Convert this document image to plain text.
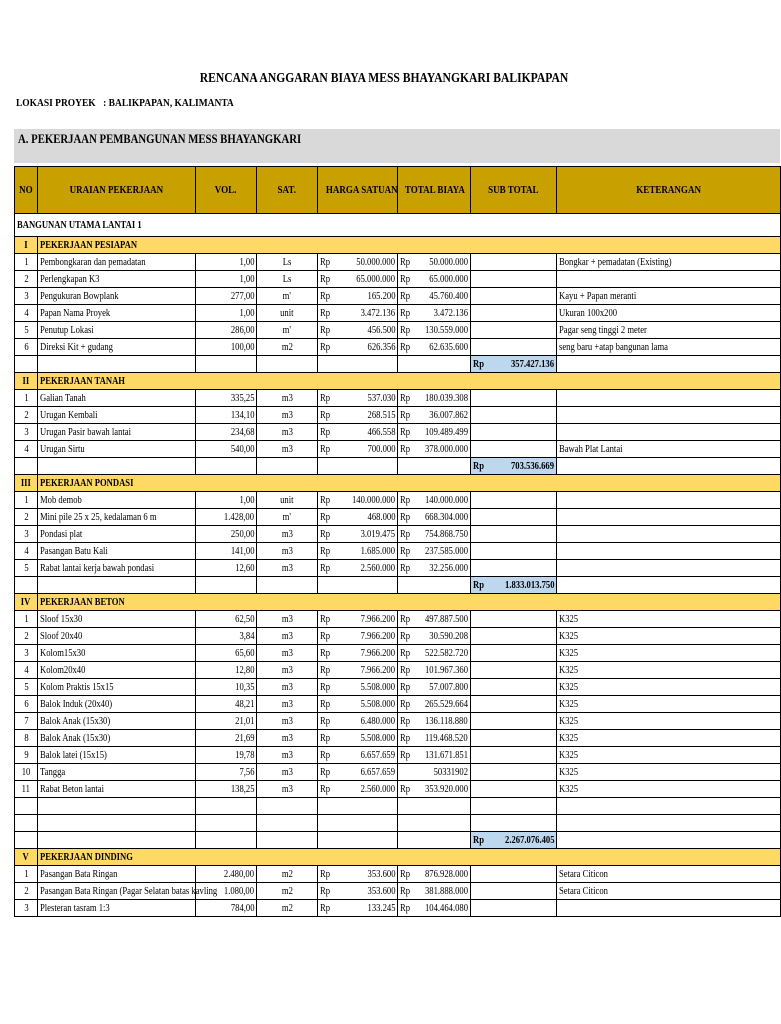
RENCANA ANGGARAN BIAYA MESS BHAYANGKARI BALIKPAPAN
LOKASI PROYEK : BALIKPAPAN, KALIMANTA
A. PEKERJAAN PEMBANGUNAN MESS BHAYANGKARI
NO	URAIAN PEKERJAAN	VOL.	SAT.	HARGA SATUAN	TOTAL BIAYA	SUB TOTAL	KETERANGAN
BANGUNAN UTAMA LANTAI 1							
I	PEKERJAAN PESIAPAN						
1	Pembongkaran dan pemadatan	1,00	Ls	Rp 50.000.000	Rp 50.000.000		Bongkar + pemadatan (Existing)
2	Perlengkapan K3	1,00	Ls	Rp 65.000.000	Rp 65.000.000		

3	Pengukuran Bowplank	277,00	m'	Rp 165.200	Rp 45.760.400		Kayu + Papan meranti
4	Papan Nama Proyek	1,00	unit	Rp 3.472.136	Rp 3.472.136		Ukuran 100x200
5	Penutup Lokasi	286,00	m'	Rp 456.500	Rp 130.559.000		Pagar seng tinggi 2 meter
6	Direksi Kit + gudang	100,00	m2	Rp 626.356	Rp 62.635.600		seng baru +atap bangunan lama

						Rp 357.427.136	

II	PEKERJAAN TANAH						
1	Galian Tanah	335,25	m3	Rp 537.030	Rp 180.039.308		

2	Urugan Kembali	134,10	m3	Rp 268.515	Rp 36.007.862		

3	Urugan Pasir bawah lantai	234,68	m3	Rp 466.558	Rp 109.489.499		

4	Urugan Sirtu	540,00	m3	Rp 700.000	Rp 378.000.000		Bawah Plat Lantai

						Rp 703.536.669	

III	PEKERJAAN PONDASI						
1	Mob demob	1,00	unit	Rp 140.000.000	Rp 140.000.000		

2	Mini pile 25 x 25, kedalaman 6 m	1.428,00	m'	Rp 468.000	Rp 668.304.000		

3	Pondasi plat	250,00	m3	Rp 3.019.475	Rp 754.868.750		

4	Pasangan Batu Kali	141,00	m3	Rp 1.685.000	Rp 237.585.000		

5	Rabat lantai kerja bawah pondasi	12,60	m3	Rp 2.560.000	Rp 32.256.000		

						Rp 1.833.013.750	

IV	PEKERJAAN BETON						
1	Sloof 15x30	62,50	m3	Rp 7.966.200	Rp 497.887.500		K325
2	Sloof 20x40	3,84	m3	Rp 7.966.200	Rp 30.590.208		K325
3	Kolom15x30	65,60	m3	Rp 7.966.200	Rp 522.582.720		K325
4	Kolom20x40	12,80	m3	Rp 7.966.200	Rp 101.967.360		K325
5	Kolom Praktis 15x15	10,35	m3	Rp 5.508.000	Rp 57.007.800		K325
6	Balok Induk (20x40)	48,21	m3	Rp 5.508.000	Rp 265.529.664		K325
7	Balok Anak (15x30)	21,01	m3	Rp 6.480.000	Rp 136.118.880		K325
8	Balok Anak (15x30)	21,69	m3	Rp 5.508.000	Rp 119.468.520		K325
9	Balok latei (15x15)	19,78	m3	Rp 6.657.659	Rp 131.671.851		K325
10	Tangga	7,56	m3	Rp 6.657.659	50331902		K325
11	Rabat Beton lantai	138,25	m3	Rp 2.560.000	Rp 353.920.000		K325

						Rp 2.267.076.405	

V	PEKERJAAN DINDING						
1	Pasangan Bata Ringan	2.480,00	m2	Rp 353.600	Rp 876.928.000		Setara Citicon
2	Pasangan Bata Ringan (Pagar Selatan batas kavling	1.080,00	m2	Rp 353.600	Rp 381.888.000		Setara Citicon
3	Plesteran tasram 1:3	784,00	m2	Rp 133.245	Rp 104.464.080		
